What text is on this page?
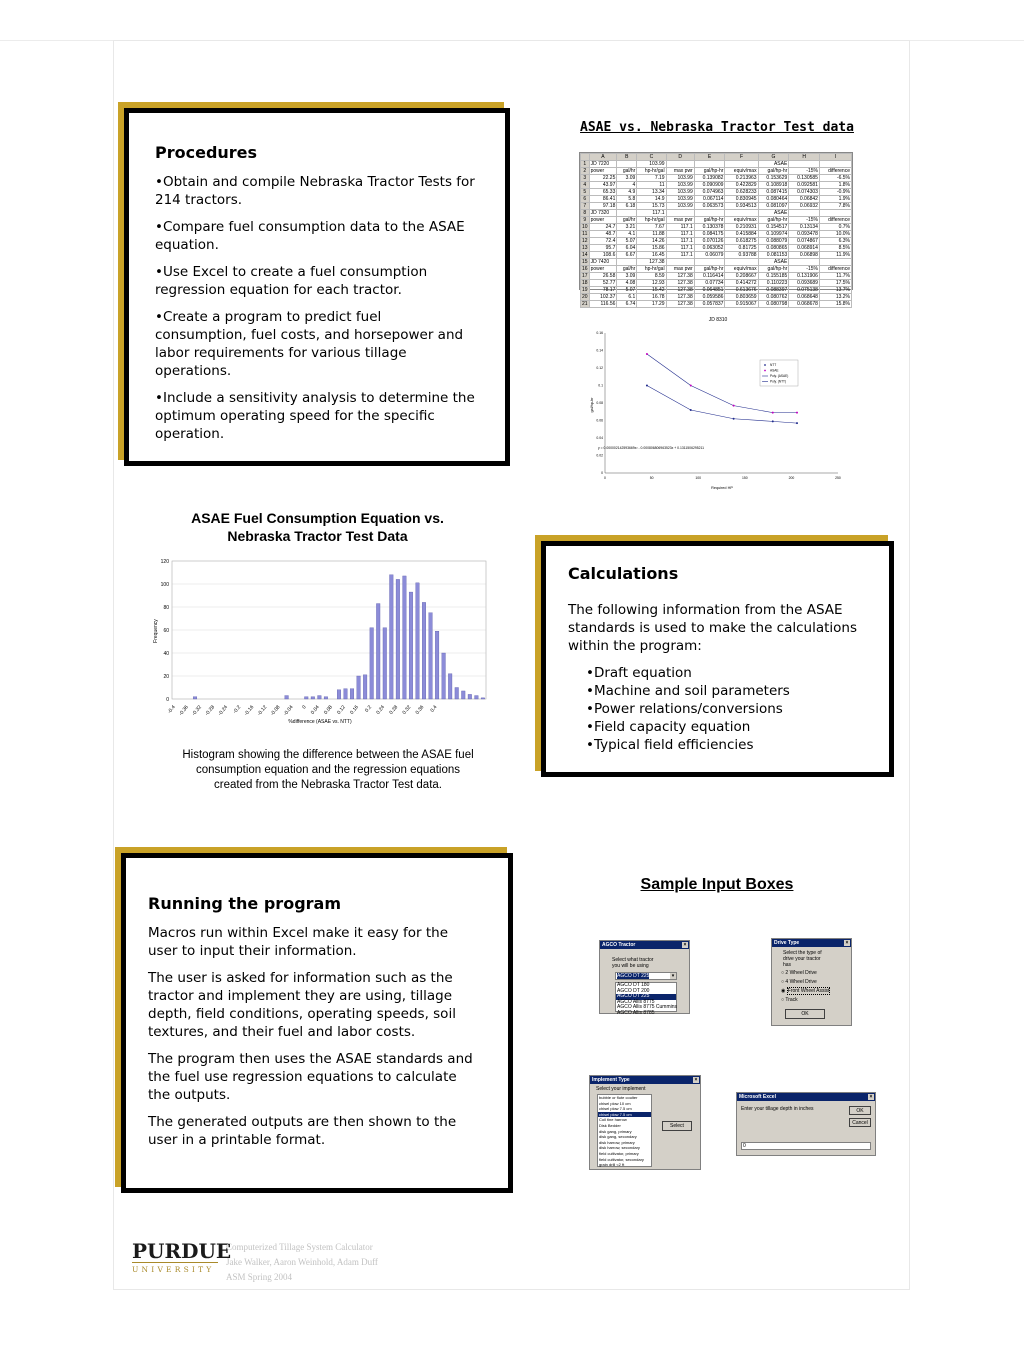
Procedures

•Obtain and compile Nebraska Tractor Tests for 214 tractors.

•Compare fuel consumption data to the ASAE equation.

•Use Excel to create a fuel consumption regression equation for each tractor.

•Create a program to predict fuel consumption, fuel costs, and horsepower and labor requirements for various tillage operations.

•Include a sensitivity analysis to determine the optimum operating speed for the specific operation.

ASAE vs. Nebraska Tractor Test data
	A	B	C	D	E	F	G	H	I
1	JD 7220		103.99				ASAE		
2	power	gal/hr	hp-hr/gal	max pwr	gal/hp-hr	equiv/max	gal/hp-hr	-15%	difference
3	22.25	3.09	7.19	103.99	0.139082	0.213963	0.153629	0.130585	-6.5%
4	43.97	4	11	103.99	0.090909	0.422829	0.108918	0.092581	1.8%
5	65.33	4.9	13.34	103.99	0.074963	0.628233	0.087415	0.074303	-0.9%
6	86.41	5.8	14.9	103.99	0.067114	0.830945	0.080464	0.06842	1.9%
7	97.18	6.18	15.73	103.99	0.063573	0.934513	0.081097	0.06932	7.8%
8	JD 7320		117.1				ASAE		
9	power	gal/hr	hp-hr/gal	max pwr	gal/hp-hr	equiv/max	gal/hp-hr	-15%	difference
10	24.7	3.21	7.67	117.1	0.130378	0.210931	0.154517	0.13134	0.7%
11	48.7	4.1	11.88	117.1	0.084175	0.415884	0.109974	0.093478	10.0%
12	72.4	5.07	14.26	117.1	0.070126	0.618275	0.088079	0.074867	6.3%
13	95.7	6.04	15.86	117.1	0.063052	0.81725	0.080865	0.068914	8.5%
14	108.6	6.67	16.45	117.1	0.06079	0.93788	0.081153	0.06898	11.9%
15	JD 7420		127.38				ASAE		
16	power	gal/hr	hp-hr/gal	max pwr	gal/hp-hr	equiv/max	gal/hp-hr	-15%	difference
17	26.58	3.09	8.59	127.38	0.116414	0.208667	0.155185	0.131906	11.7%
18	52.77	4.08	12.93	127.38	0.07734	0.414272	0.110223	0.093689	17.5%
19	78.17	5.07	15.42	127.38	0.064851	0.613676	0.088397	0.075138	13.7%
20	102.37	6.1	16.78	127.38	0.059586	0.803659	0.080762	0.068648	13.2%
21	116.56	6.74	17.29	127.38	0.057837	0.915067	0.080798	0.068678	15.8%
JD 8310
0
0.02
0.04
0.06
0.08
0.1
0.12
0.14
0.16
0	50	100	150	200	250
NTT
ASAE
Poly. (ASAE)
Poly. (NTT)
y = 0.000002142593669x² - 0.000806806963523x + 0.1311506295211
Required HP
gal/hp-hr
ASAE Fuel Consumption Equation vs. Nebraska Tractor Test Data
0
20
40
60
80
100
120
-0.4 -0.36 -0.32 -0.28 -0.24 -0.2 -0.16 -0.12 -0.08 -0.04 0 0.04 0.08 0.12 0.16 0.2 0.24 0.28 0.32 0.36 0.4
%difference (ASAE vs. NTT)
Frequency
Histogram showing the difference between the ASAE fuel consumption equation and the regression equations created from the Nebraska Tractor Test data.
Calculations

The following information from the ASAE standards is used to make the calculations within the program:

•Draft equation
•Machine and soil parameters
•Power relations/conversions
•Field capacity equation
•Typical field efficiencies
Running the program

Macros run within Excel make it easy for the user to input their information.

The user is asked for information such as the tractor and implement they are using, tillage depth, field conditions, operating speeds, soil textures, and their fuel and labor costs.

The program then uses the ASAE standards and the fuel use regression equations to calculate the outputs.

The generated outputs are then shown to the user in a printable format.

Sample Input Boxes
AGCO Tractor	×
Select what tractor you will be using
AGCO DT 225	▾
AGCO DT 180
AGCO DT 200
AGCO DT 225
AGCO Allis 8775
AGCO Allis 8775 Cummins
AGCO Allis 8785
Drive Type	×
Select the type of drive your tractor has
○ 2 Wheel Drive
○ 4 Wheel Drive
◉ Front Wheel Assist
○ Track
OK
Implement Type	×
Select your implement
bubble or flute coulter
chisel plow 10 cm
chisel plow 7.5 cm
chisel plow 7.5 cm
Coil tine harrow
Disk Bedder
disk gang, primary
disk gang, secondary
disk harrow, primary
disk harrow, secondary
field cultivator, primary
field cultivator, secondary
grain drill <2 ft
Select
Microsoft Excel	×
Enter your tillage depth in inches	OK
Cancel
0
PURDUE
UNIVERSITY
Computerized Tillage System Calculator
Jake Walker, Aaron Weinhold, Adam Duff
ASM Spring 2004
